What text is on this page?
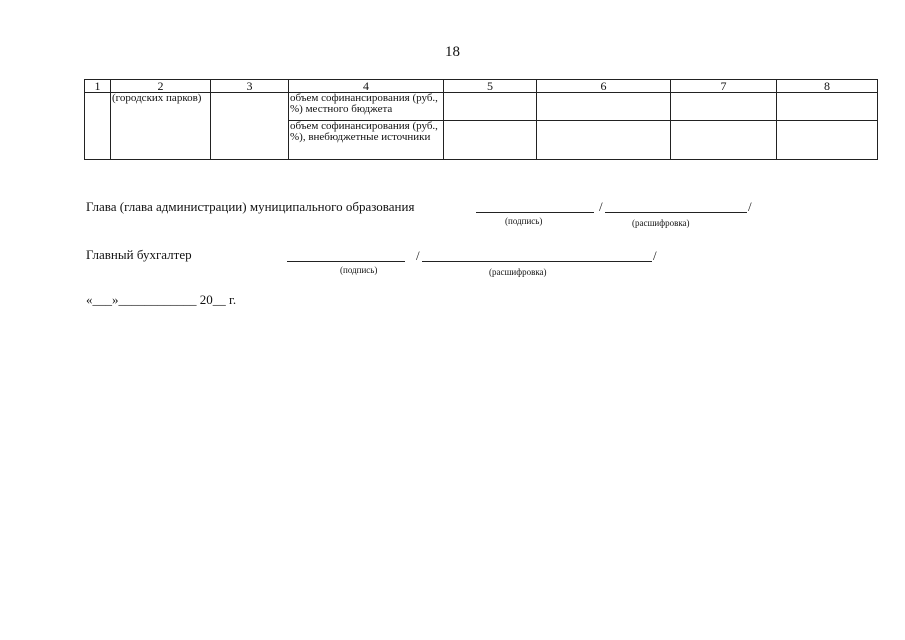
18
1	2	3	4	5	6	7	8
	(городских парков)		объем софинансирования (руб., %) местного бюджета				
			объем софинансирования (руб., %), внебюджетные источники				
Глава (глава администрации) муниципального образования	/	/
(подпись)	(расшифровка)
Главный бухгалтер	/	/
(подпись)	(расшифровка)
«___»____________ 20__ г.
